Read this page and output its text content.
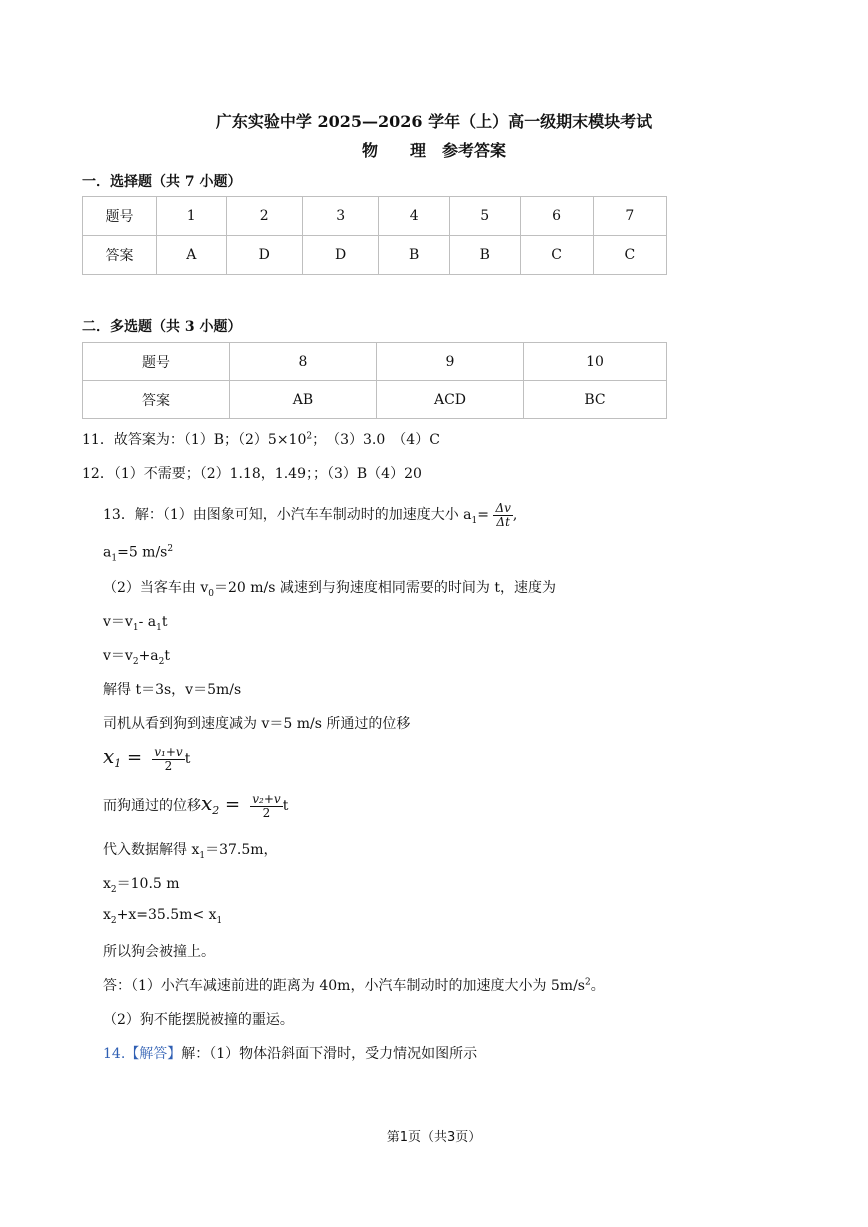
广东实验中学 2025—2026 学年（上）高一级期末模块考试
物　　理　参考答案
一．选择题（共 7 小题）
题号	1	2	3	4	5	6	7
答案	A	D	D	B	B	C	C
二．多选题（共 3 小题）
题号	8	9	10
答案	AB	ACD	BC
11．故答案为：（1）B；$(2)5\times 10^2$；　（3）3.0　（4）C
12．（1）不需要；（2）1.18，1.49；；（3）B（4）20
13．解：（1）由图象可知，小汽车车制动时的加速度大小 $a_1= \frac{\Delta v}{\Delta t}$ ,
$a_1=5$ $m/s^2$
（2）当客车由 $v_0=20$ m/s 减速到与狗速度相同需要的时间为 t，速度为
$v=v_1-$ $a_1t$
$v=v_2+a_2t$
解得 t＝3s，v＝5m/s
司机从看到狗到速度减为 v＝5 m/s 所通过的位移
$x_1 = \frac{\text{v₁+v}}{2}$ t
而狗通过的位移$x_2 = \frac{\text{v₂+v}}{2}$ t
代入数据解得 $x_1=37.5m$，
$x_2=10.5$ m
$x_2+x=35.5m< x_1$
所以狗会被撞上。
答：（1）小汽车减速前进的距离为 40m，小汽车制动时的加速度大小为 $5m/s^2$。
（2）狗不能摆脱被撞的噩运。
14.【解答】解：（1）物体沿斜面下滑时，受力情况如图所示
第1页（共3页）
